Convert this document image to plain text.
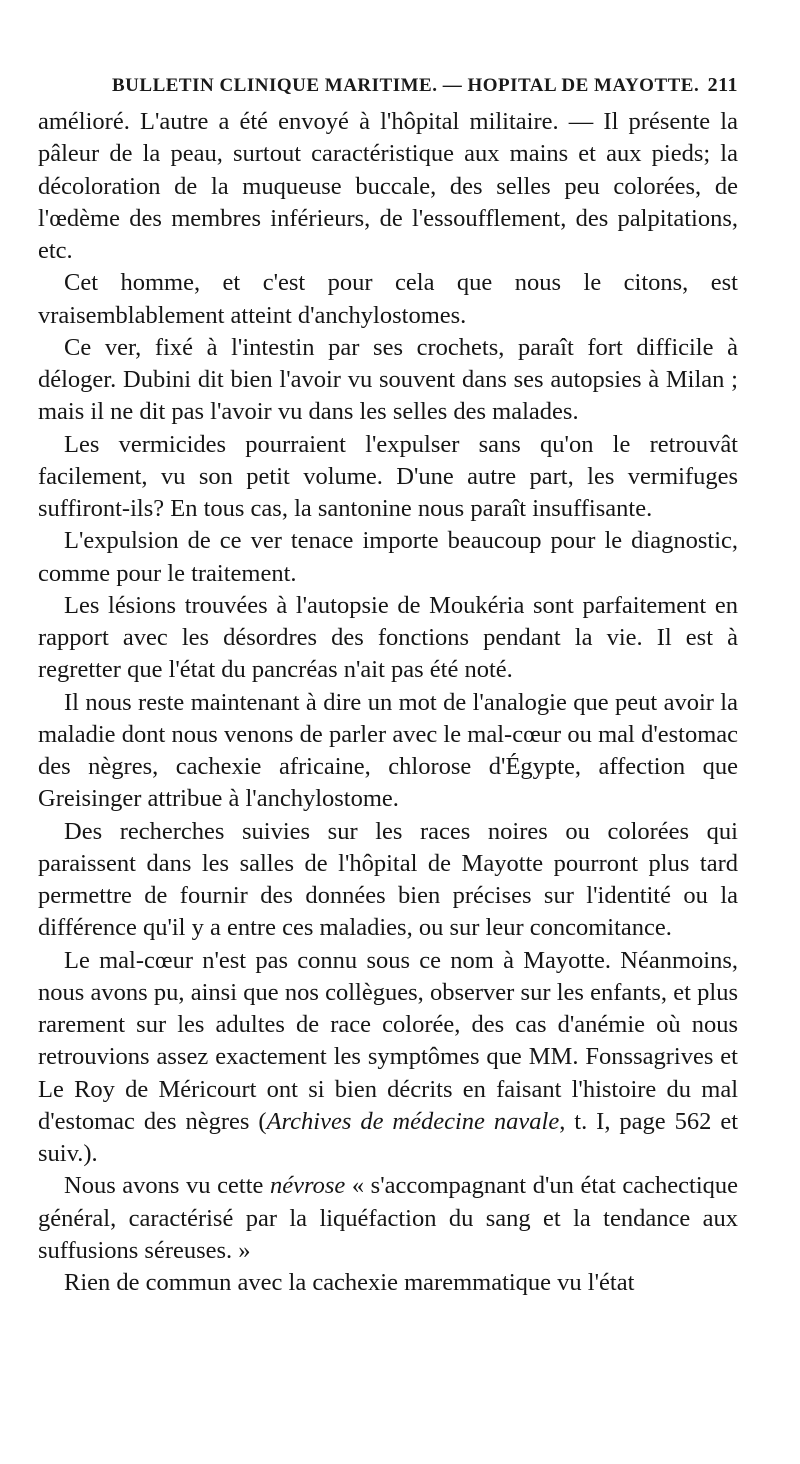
BULLETIN CLINIQUE MARITIME. — HOPITAL DE MAYOTTE. 211

amélioré. L'autre a été envoyé à l'hôpital militaire. — Il présente la pâleur de la peau, surtout caractéristique aux mains et aux pieds; la décoloration de la muqueuse buccale, des selles peu colorées, de l'œdème des membres inférieurs, de l'essoufflement, des palpitations, etc.

Cet homme, et c'est pour cela que nous le citons, est vraisemblablement atteint d'anchylostomes.

Ce ver, fixé à l'intestin par ses crochets, paraît fort difficile à déloger. Dubini dit bien l'avoir vu souvent dans ses autopsies à Milan ; mais il ne dit pas l'avoir vu dans les selles des malades.

Les vermicides pourraient l'expulser sans qu'on le retrouvât facilement, vu son petit volume. D'une autre part, les vermifuges suffiront-ils? En tous cas, la santonine nous paraît insuffisante.

L'expulsion de ce ver tenace importe beaucoup pour le diagnostic, comme pour le traitement.

Les lésions trouvées à l'autopsie de Moukéria sont parfaitement en rapport avec les désordres des fonctions pendant la vie. Il est à regretter que l'état du pancréas n'ait pas été noté.

Il nous reste maintenant à dire un mot de l'analogie que peut avoir la maladie dont nous venons de parler avec le mal-cœur ou mal d'estomac des nègres, cachexie africaine, chlorose d'Égypte, affection que Greisinger attribue à l'anchylostome.

Des recherches suivies sur les races noires ou colorées qui paraissent dans les salles de l'hôpital de Mayotte pourront plus tard permettre de fournir des données bien précises sur l'identité ou la différence qu'il y a entre ces maladies, ou sur leur concomitance.

Le mal-cœur n'est pas connu sous ce nom à Mayotte. Néanmoins, nous avons pu, ainsi que nos collègues, observer sur les enfants, et plus rarement sur les adultes de race colorée, des cas d'anémie où nous retrouvions assez exactement les symptômes que MM. Fonssagrives et Le Roy de Méricourt ont si bien décrits en faisant l'histoire du mal d'estomac des nègres (Archives de médecine navale, t. I, page 562 et suiv.).

Nous avons vu cette névrose « s'accompagnant d'un état cachectique général, caractérisé par la liquéfaction du sang et la tendance aux suffusions séreuses. »

Rien de commun avec la cachexie maremmatique vu l'état
